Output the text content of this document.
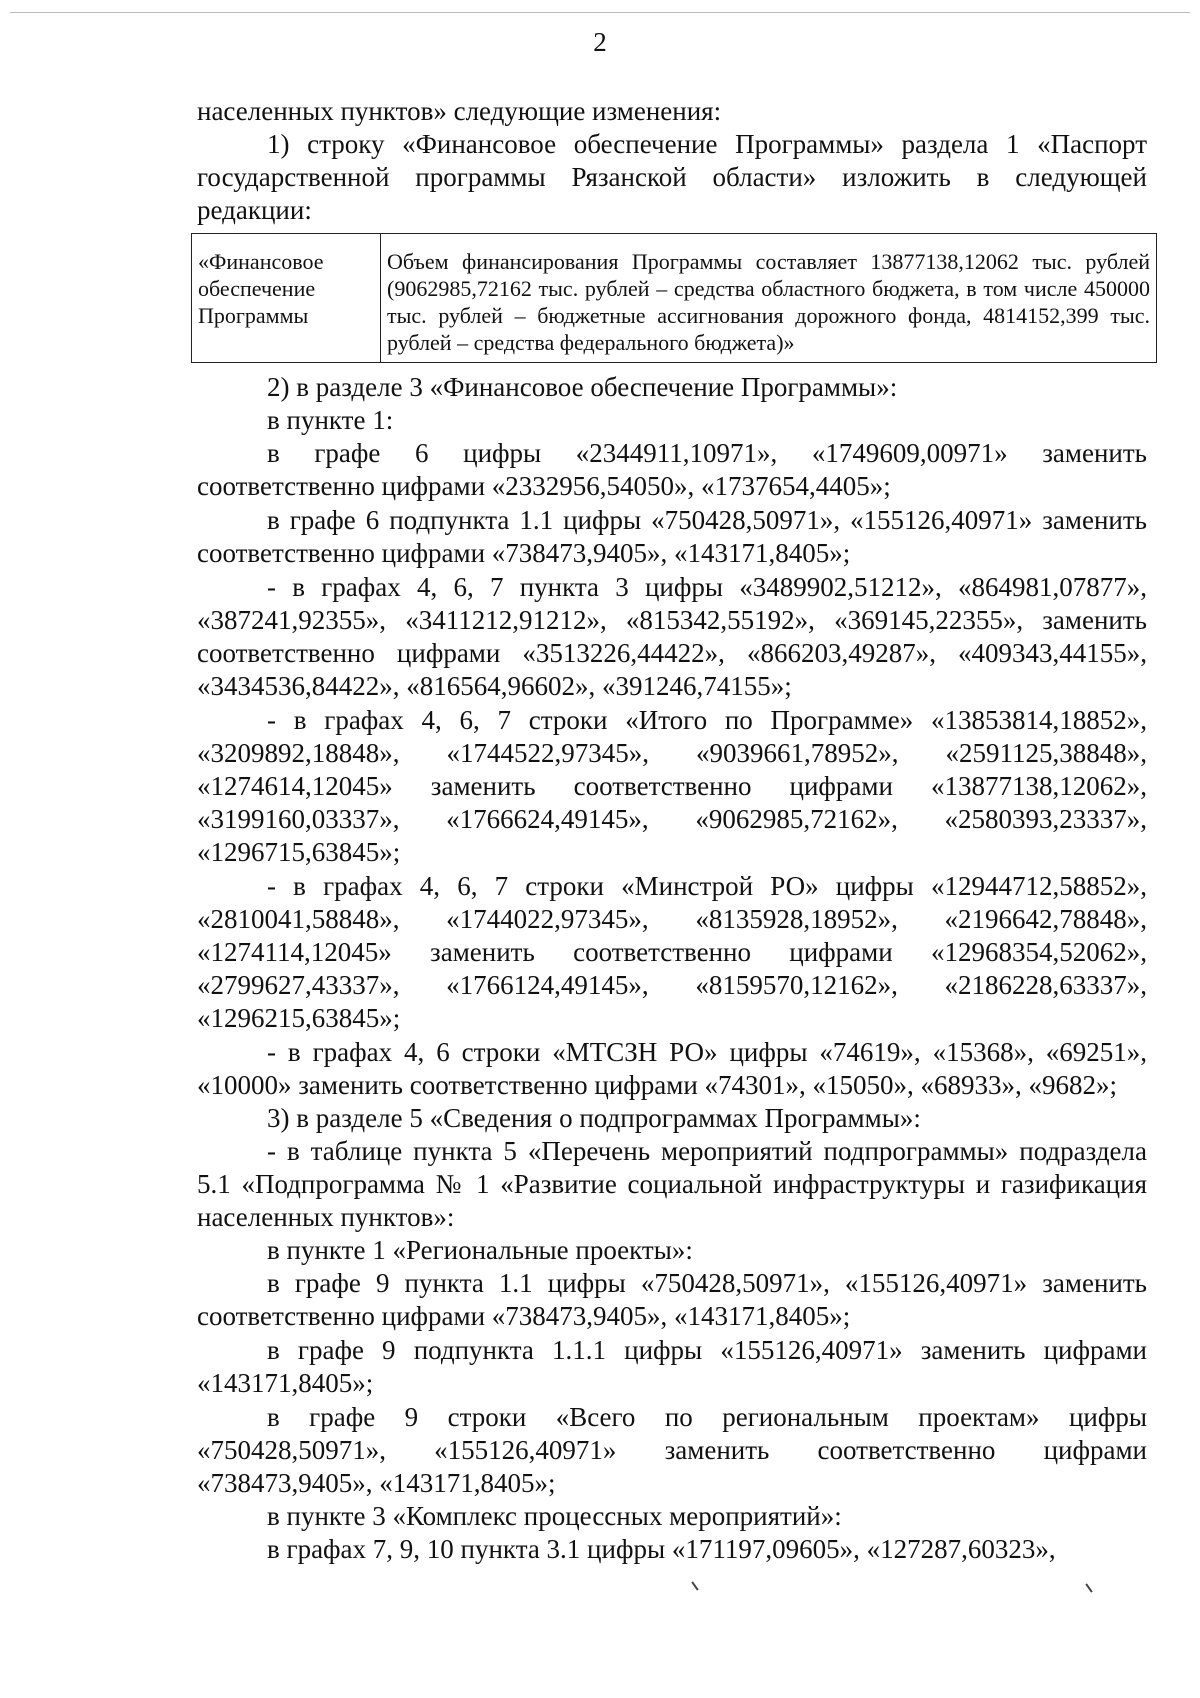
2

населенных пунктов» следующие изменения:

1) строку «Финансовое обеспечение Программы» раздела 1 «Паспорт государственной программы Рязанской области» изложить в следующей редакции:

«Финансовое обеспечение Программы	Объем финансирования Программы составляет 13877138,12062 тыс. рублей (9062985,72162 тыс. рублей – средства областного бюджета, в том числе 450000 тыс. рублей – бюджетные ассигнования дорожного фонда, 4814152,399 тыс. рублей – средства федерального бюджета)»

2) в разделе 3 «Финансовое обеспечение Программы»:

в пункте 1:

в графе 6 цифры «2344911,10971», «1749609,00971» заменить соответственно цифрами «2332956,54050», «1737654,4405»;

в графе 6 подпункта 1.1 цифры «750428,50971», «155126,40971» заменить соответственно цифрами «738473,9405», «143171,8405»;

- в графах 4, 6, 7 пункта 3 цифры «3489902,51212», «864981,07877», «387241,92355», «3411212,91212», «815342,55192», «369145,22355», заменить соответственно цифрами «3513226,44422», «866203,49287», «409343,44155», «3434536,84422», «816564,96602», «391246,74155»;

- в графах 4, 6, 7 строки «Итого по Программе» «13853814,18852», «3209892,18848», «1744522,97345», «9039661,78952», «2591125,38848», «1274614,12045» заменить соответственно цифрами «13877138,12062», «3199160,03337», «1766624,49145», «9062985,72162», «2580393,23337», «1296715,63845»;

- в графах 4, 6, 7 строки «Минстрой РО» цифры «12944712,58852», «2810041,58848», «1744022,97345», «8135928,18952», «2196642,78848», «1274114,12045» заменить соответственно цифрами «12968354,52062», «2799627,43337», «1766124,49145», «8159570,12162», «2186228,63337», «1296215,63845»;

- в графах 4, 6 строки «МТСЗН РО» цифры «74619», «15368», «69251», «10000» заменить соответственно цифрами «74301», «15050», «68933», «9682»;

3) в разделе 5 «Сведения о подпрограммах Программы»:

- в таблице пункта 5 «Перечень мероприятий подпрограммы» подраздела 5.1 «Подпрограмма № 1 «Развитие социальной инфраструктуры и газификация населенных пунктов»:

в пункте 1 «Региональные проекты»:

в графе 9 пункта 1.1 цифры «750428,50971», «155126,40971» заменить соответственно цифрами «738473,9405», «143171,8405»;

в графе 9 подпункта 1.1.1 цифры «155126,40971» заменить цифрами «143171,8405»;

в графе 9 строки «Всего по региональным проектам» цифры «750428,50971», «155126,40971» заменить соответственно цифрами «738473,9405», «143171,8405»;

в пункте 3 «Комплекс процессных мероприятий»:

в графах 7, 9, 10 пункта 3.1 цифры «171197,09605», «127287,60323»,
